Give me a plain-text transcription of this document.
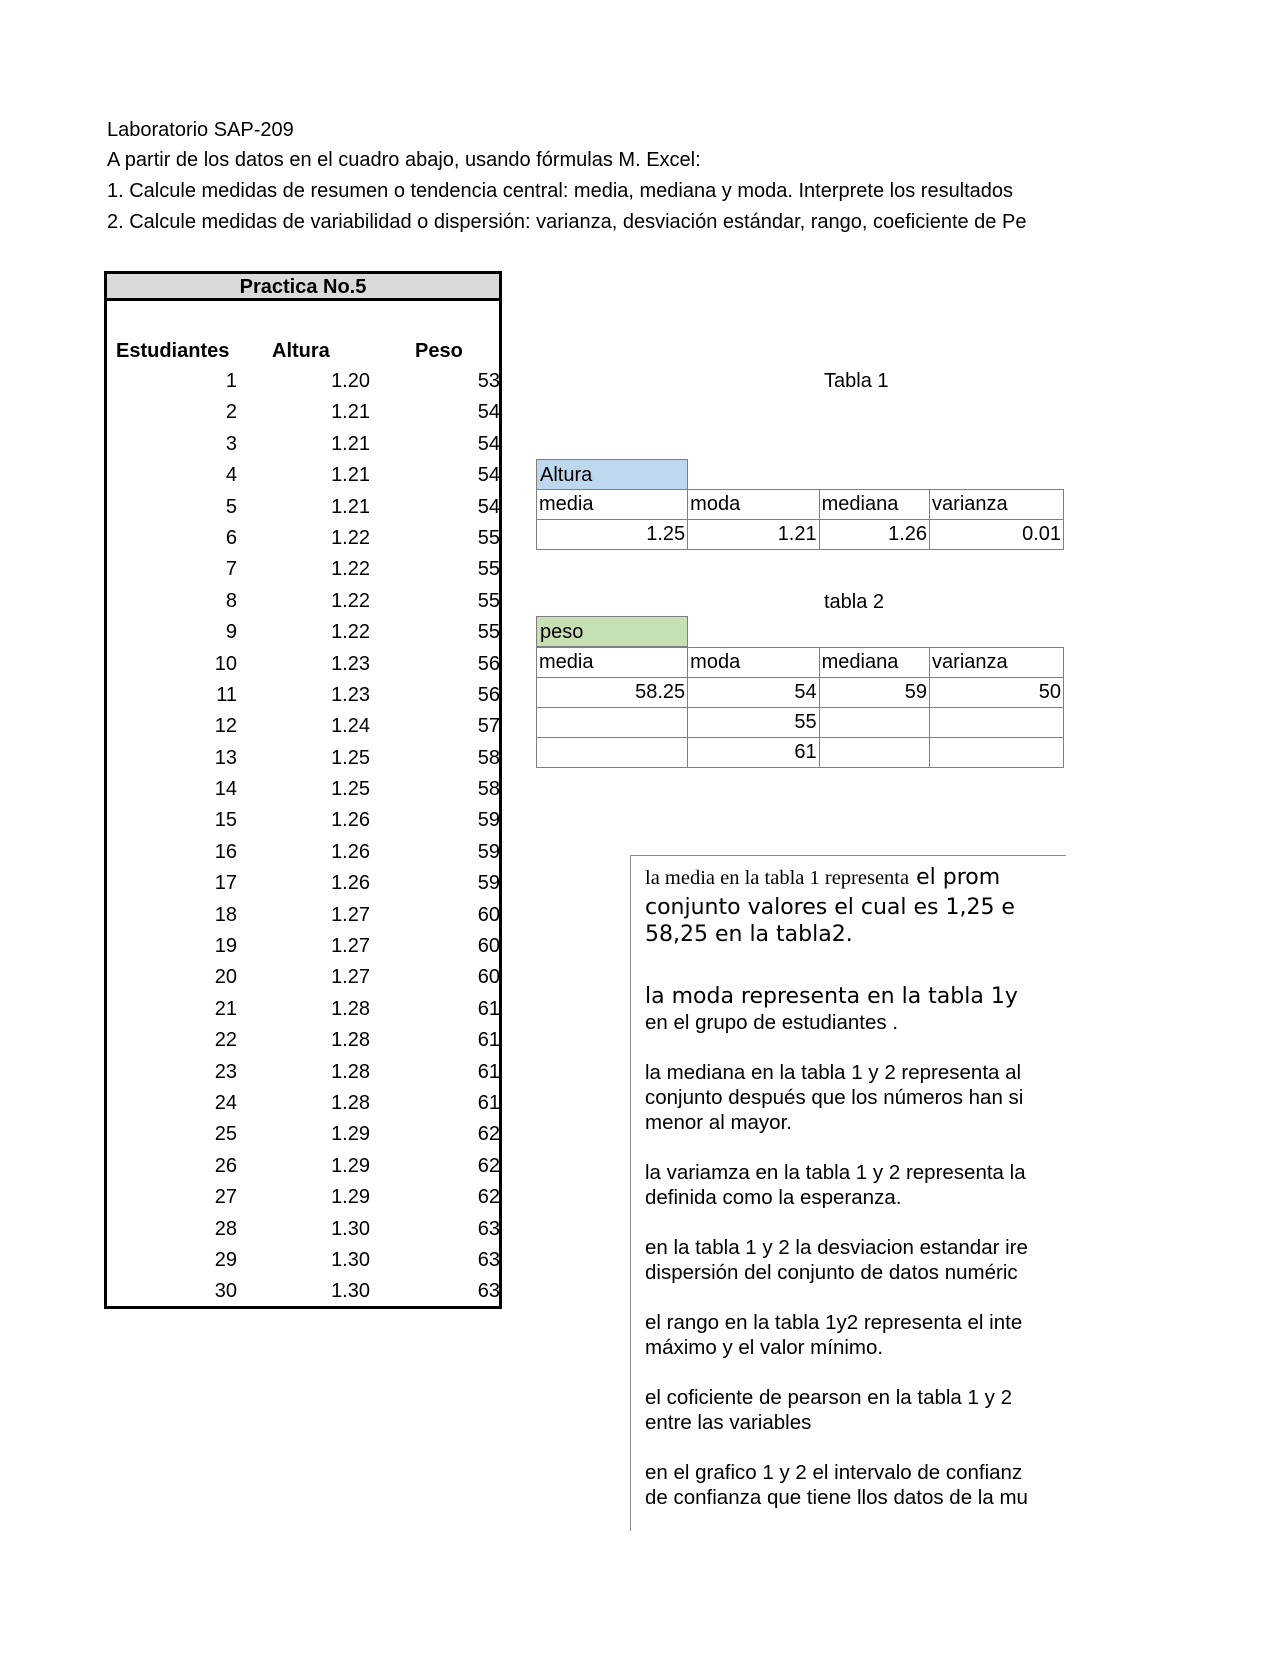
Laboratorio SAP-209
A partir de los datos en el cuadro abajo, usando fórmulas M. Excel:
1. Calcule medidas de resumen o tendencia central: media, mediana y moda. Interprete los resultados
2. Calcule medidas de variabilidad o dispersión: varianza, desviación estándar, rango, coeficiente de Pe
Practica No.5
Estudiantes Altura	Peso
1	1.20	53
2	1.21	54
3	1.21	54
4	1.21	54
5	1.21	54
6	1.22	55
7	1.22	55
8	1.22	55
9	1.22	55
10	1.23	56
11	1.23	56
12	1.24	57
13	1.25	58
14	1.25	58
15	1.26	59
16	1.26	59
17	1.26	59
18	1.27	60
19	1.27	60
20	1.27	60
21	1.28	61
22	1.28	61
23	1.28	61
24	1.28	61
25	1.29	62
26	1.29	62
27	1.29	62
28	1.30	63
29	1.30	63
30	1.30	63
Tabla 1
Altura
media	moda	mediana	varianza
1.25	1.21	1.26	0.01
tabla 2
peso
media	moda	mediana	varianza
58.25	54	59	50
	55		
	61		
la media en la tabla 1 representa el prom
conjunto valores el cual es 1,25 e
58,25 en la tabla2.
la moda representa en la tabla 1y
en el grupo de estudiantes .
la mediana en la tabla 1 y 2 representa al
conjunto después que los números han si
menor al mayor.
la variamza en la tabla 1 y 2 representa la
definida como la esperanza.
en la tabla 1 y 2 la desviacion estandar ire
dispersión del conjunto de datos numéric
el rango en la tabla 1y2 representa el inte
máximo y el valor mínimo.
el coficiente de pearson en la tabla 1 y 2
entre las variables
en el grafico 1 y 2 el intervalo de confianz
de confianza que tiene llos datos de la mu
